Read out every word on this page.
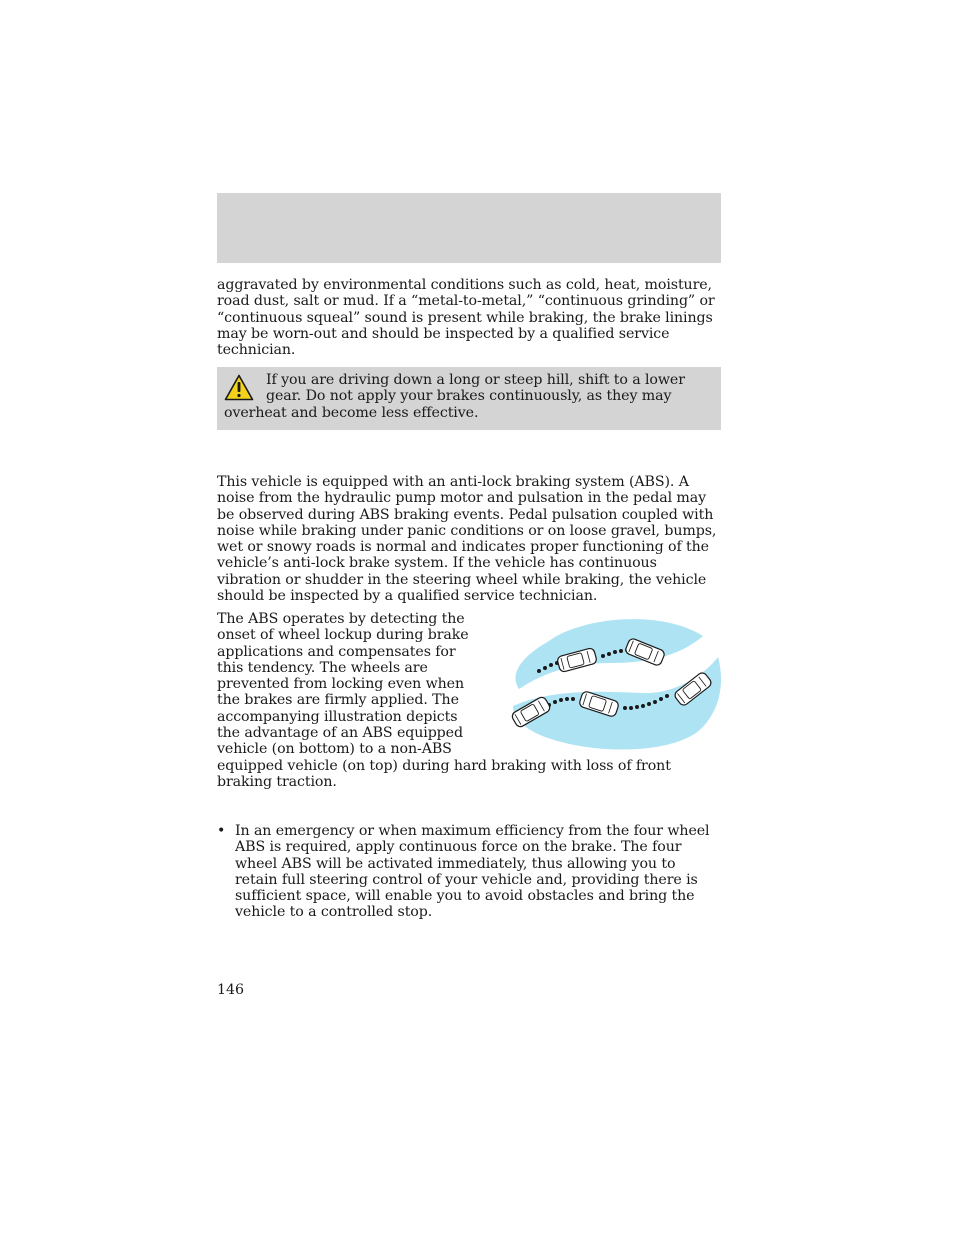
aggravated by environmental conditions such as cold, heat, moisture, road dust, salt or mud. If a “metal-to-metal,” “continuous grinding” or “continuous squeal” sound is present while braking, the brake linings may be worn-out and should be inspected by a qualified service technician.

If you are driving down a long or steep hill, shift to a lower gear. Do not apply your brakes continuously, as they may overheat and become less effective.

This vehicle is equipped with an anti-lock braking system (ABS). A noise from the hydraulic pump motor and pulsation in the pedal may be observed during ABS braking events. Pedal pulsation coupled with noise while braking under panic conditions or on loose gravel, bumps, wet or snowy roads is normal and indicates proper functioning of the vehicle’s anti-lock brake system. If the vehicle has continuous vibration or shudder in the steering wheel while braking, the vehicle should be inspected by a qualified service technician.

The ABS operates by detecting the onset of wheel lockup during brake applications and compensates for this tendency. The wheels are prevented from locking even when the brakes are firmly applied. The accompanying illustration depicts the advantage of an ABS equipped vehicle (on bottom) to a non-ABS equipped vehicle (on top) during hard braking with loss of front braking traction.

• In an emergency or when maximum efficiency from the four wheel ABS is required, apply continuous force on the brake. The four wheel ABS will be activated immediately, thus allowing you to retain full steering control of your vehicle and, providing there is sufficient space, will enable you to avoid obstacles and bring the vehicle to a controlled stop.
146
